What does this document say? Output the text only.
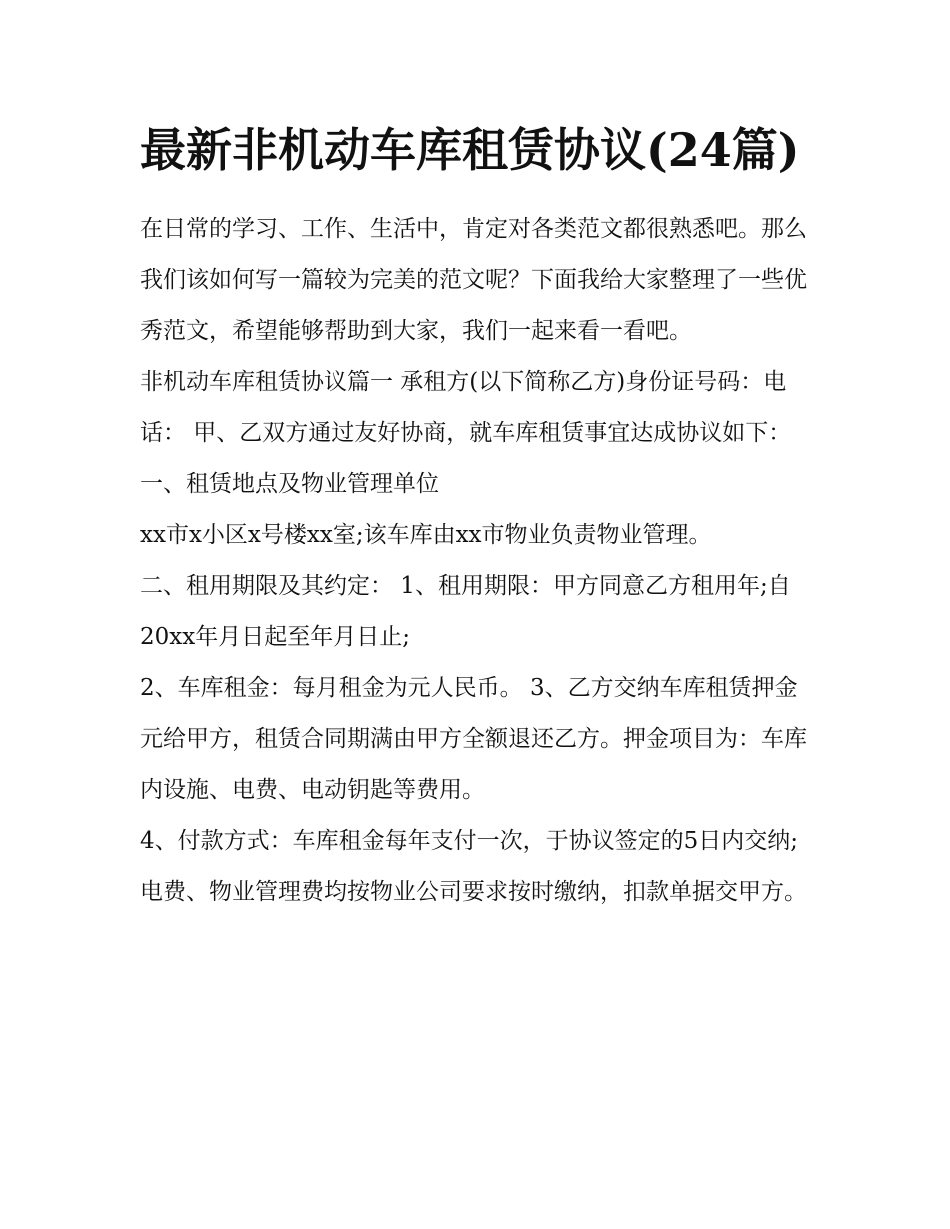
最新非机动车库租赁协议(24篇)

在日常的学习、工作、生活中，肯定对各类范文都很熟悉吧。那么我们该如何写一篇较为完美的范文呢？下面我给大家整理了一些优秀范文，希望能够帮助到大家，我们一起来看一看吧。

非机动车库租赁协议篇一 承租方(以下简称乙方)身份证号码：电话： 甲、乙双方通过友好协商，就车库租赁事宜达成协议如下： 一、租赁地点及物业管理单位

xx市x小区x号楼xx室;该车库由xx市物业负责物业管理。

二、租用期限及其约定： 1、租用期限：甲方同意乙方租用年;自20xx年月日起至年月日止;

2、车库租金：每月租金为元人民币。 3、乙方交纳车库租赁押金元给甲方，租赁合同期满由甲方全额退还乙方。押金项目为：车库内设施、电费、电动钥匙等费用。

4、付款方式：车库租金每年支付一次，于协议签定的5日内交纳;电费、物业管理费均按物业公司要求按时缴纳，扣款单据交甲方。
